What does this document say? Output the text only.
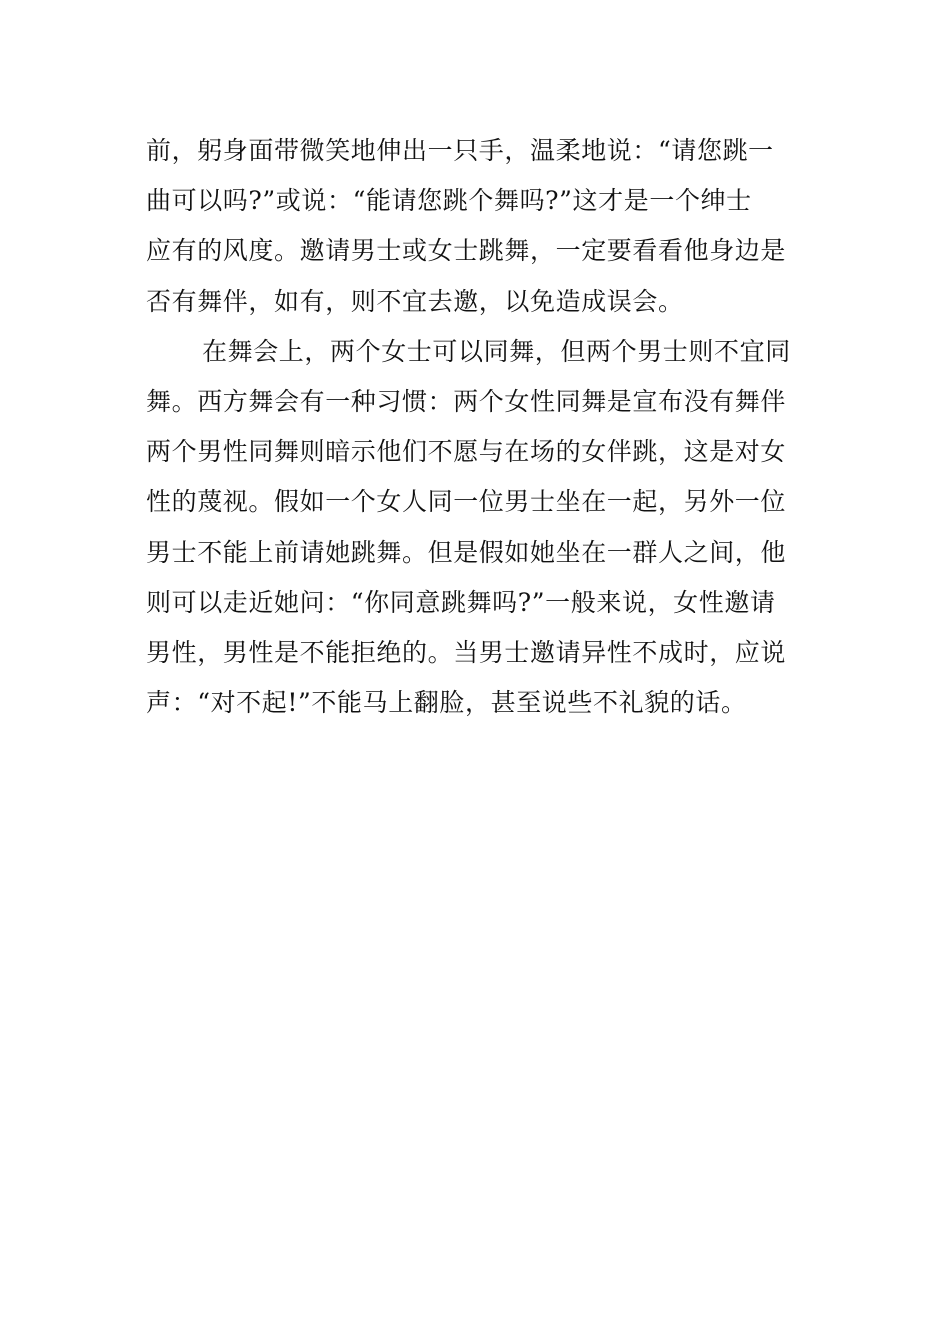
前，躬身面带微笑地伸出一只手，温柔地说：“请您跳一
曲可以吗?”或说：“能请您跳个舞吗?”这才是一个绅士
应有的风度。邀请男士或女士跳舞，一定要看看他身边是
否有舞伴，如有，则不宜去邀，以免造成误会。
在舞会上，两个女士可以同舞，但两个男士则不宜同
舞。西方舞会有一种习惯：两个女性同舞是宣布没有舞伴
两个男性同舞则暗示他们不愿与在场的女伴跳，这是对女
性的蔑视。假如一个女人同一位男士坐在一起，另外一位
男士不能上前请她跳舞。但是假如她坐在一群人之间，他
则可以走近她问：“你同意跳舞吗?”一般来说，女性邀请
男性，男性是不能拒绝的。当男士邀请异性不成时，应说
声：“对不起!”不能马上翻脸，甚至说些不礼貌的话。
